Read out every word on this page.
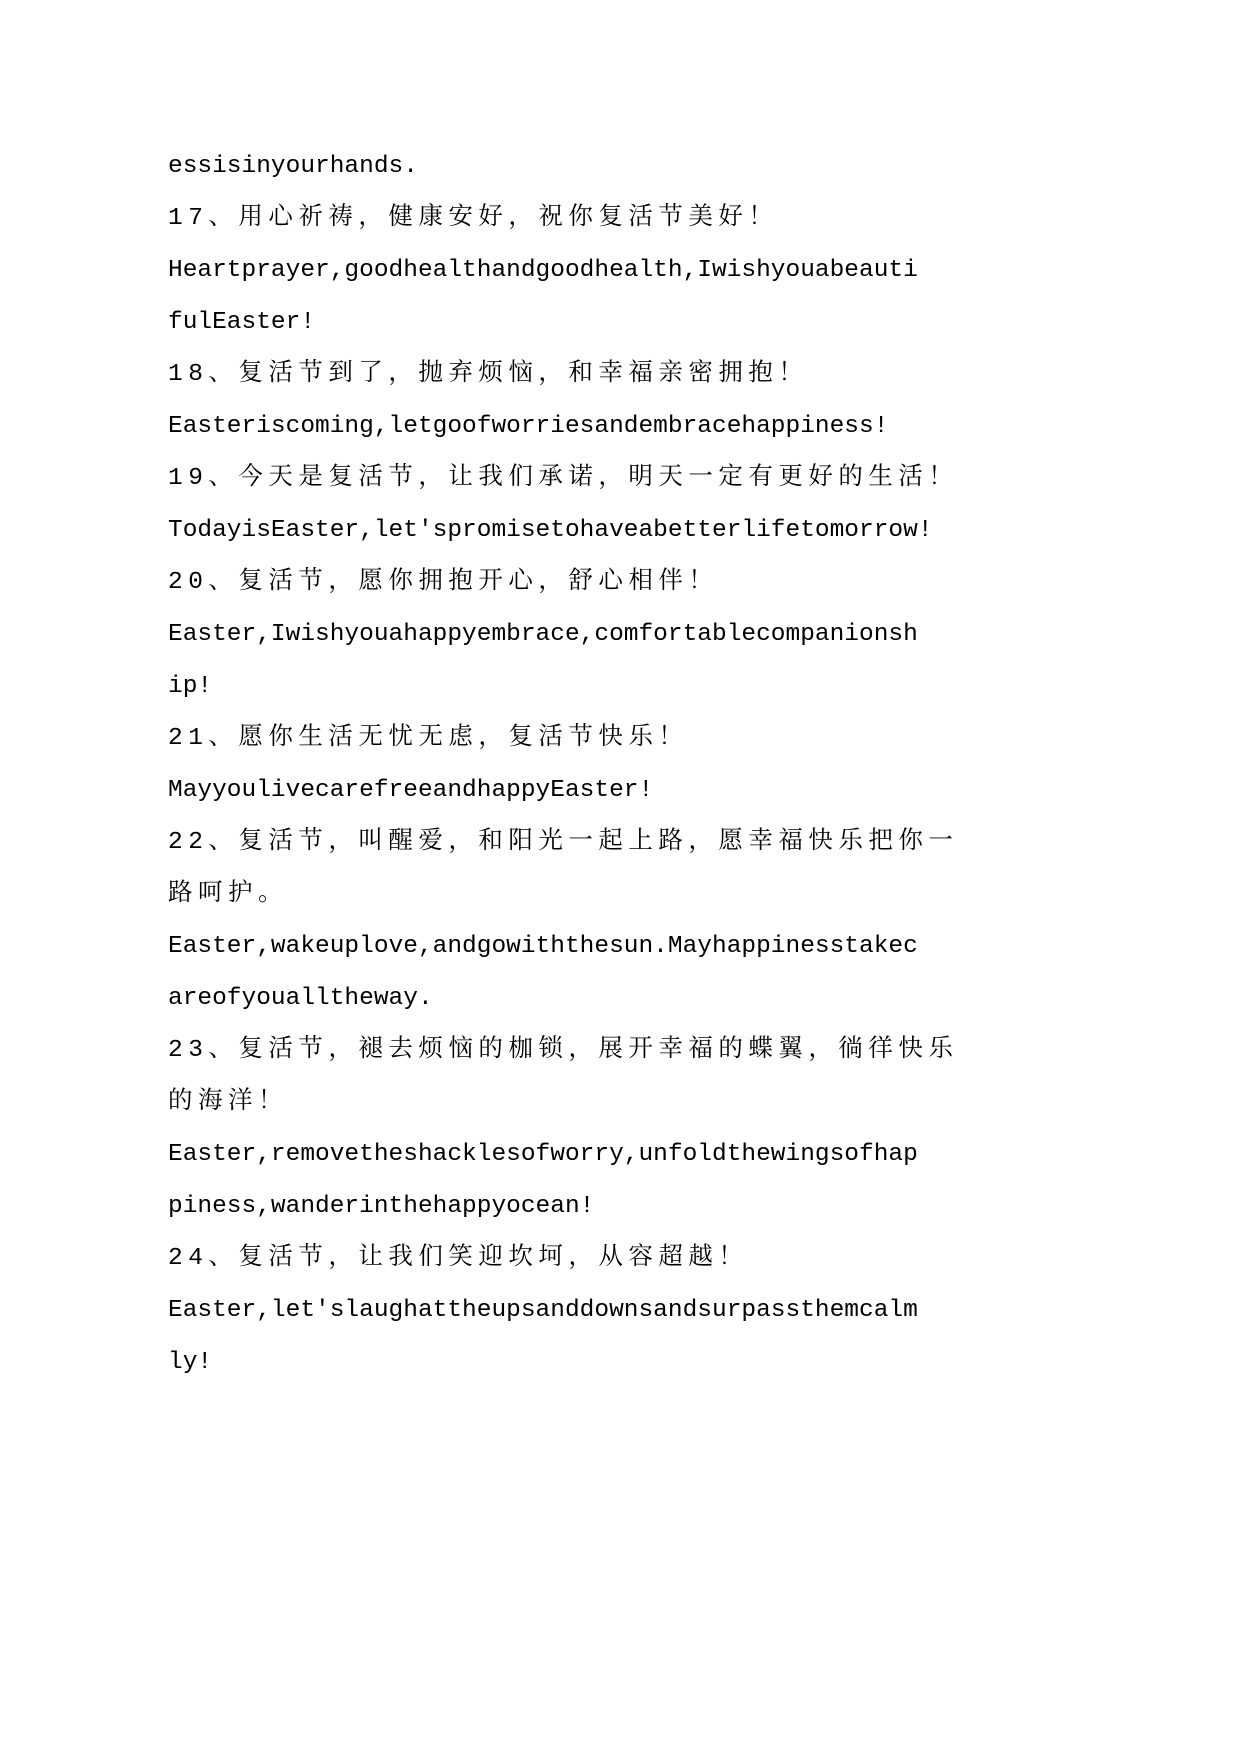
essisinyourhands.
17、用心祈祷，健康安好，祝你复活节美好！
Heartprayer,goodhealthandgoodhealth,Iwishyouabeauti
fulEaster!
18、复活节到了，抛弃烦恼，和幸福亲密拥抱！
Easteriscoming,letgoofworriesandembracehappiness!
19、今天是复活节，让我们承诺，明天一定有更好的生活！
TodayisEaster,let'spromisetohaveabetterlifetomorrow!
20、复活节，愿你拥抱开心，舒心相伴！
Easter,Iwishyouahappyembrace,comfortablecompanionsh
ip!
21、愿你生活无忧无虑，复活节快乐！
MayyoulivecarefreeandhappyEaster!
22、复活节，叫醒爱，和阳光一起上路，愿幸福快乐把你一
路呵护。
Easter,wakeuplove,andgowiththesun.Mayhappinesstakec
areofyoualltheway.
23、复活节，褪去烦恼的枷锁，展开幸福的蝶翼，徜徉快乐
的海洋！
Easter,removetheshacklesofworry,unfoldthewingsofhap
piness,wanderinthehappyocean!
24、复活节，让我们笑迎坎坷，从容超越！
Easter,let'slaughattheupsanddownsandsurpassthemcalm
ly!
